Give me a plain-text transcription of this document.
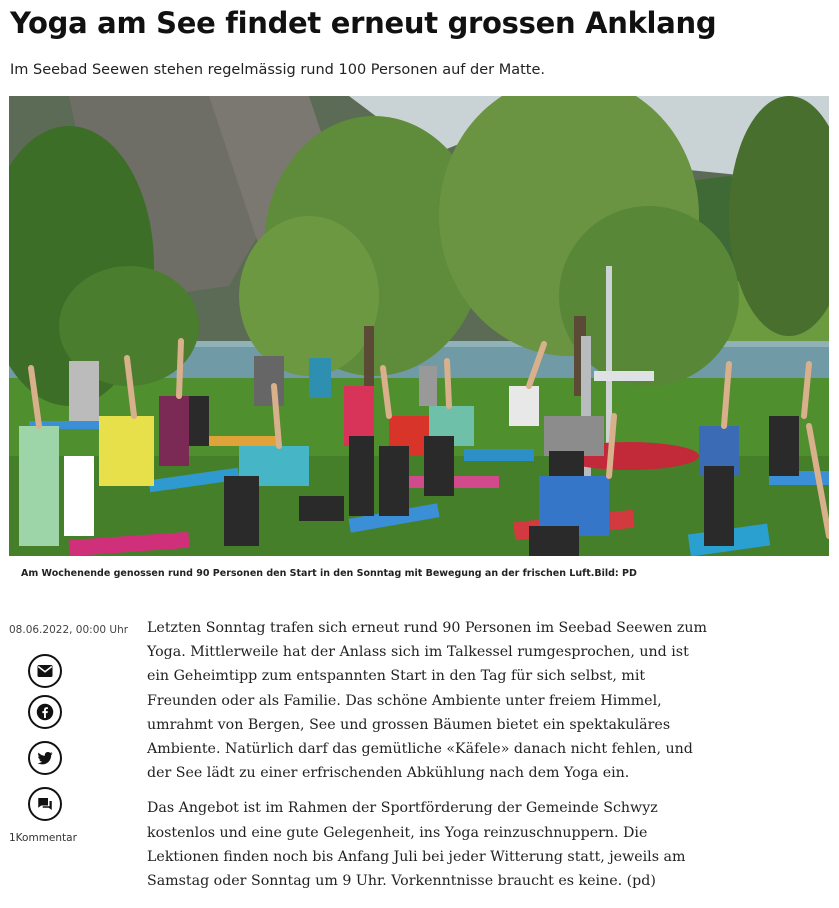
Yoga am See findet erneut grossen Anklang

Im Seebad Seewen stehen regelmässig rund 100 Personen auf der Matte.

Am Wochenende genossen rund 90 Personen den Start in den Sonntag mit Bewegung an der frischen Luft.Bild: PD

08.06.2022, 00:00 Uhr

1Kommentar

Letzten Sonntag trafen sich erneut rund 90 Personen im Seebad Seewen zum Yoga. Mittlerweile hat der Anlass sich im Talkessel rumgesprochen, und ist ein Geheimtipp zum entspannten Start in den Tag für sich selbst, mit Freunden oder als Familie. Das schöne Ambiente unter freiem Himmel, umrahmt von Bergen, See und grossen Bäumen bietet ein spektakuläres Ambiente. Natürlich darf das gemütliche «Käfele» danach nicht fehlen, und der See lädt zu einer erfrischenden Abkühlung nach dem Yoga ein.

Das Angebot ist im Rahmen der Sportförderung der Gemeinde Schwyz kostenlos und eine gute Gelegenheit, ins Yoga reinzuschnuppern. Die Lektionen finden noch bis Anfang Juli bei jeder Witterung statt, jeweils am Samstag oder Sonntag um 9 Uhr. Vorkenntnisse braucht es keine. (pd)
